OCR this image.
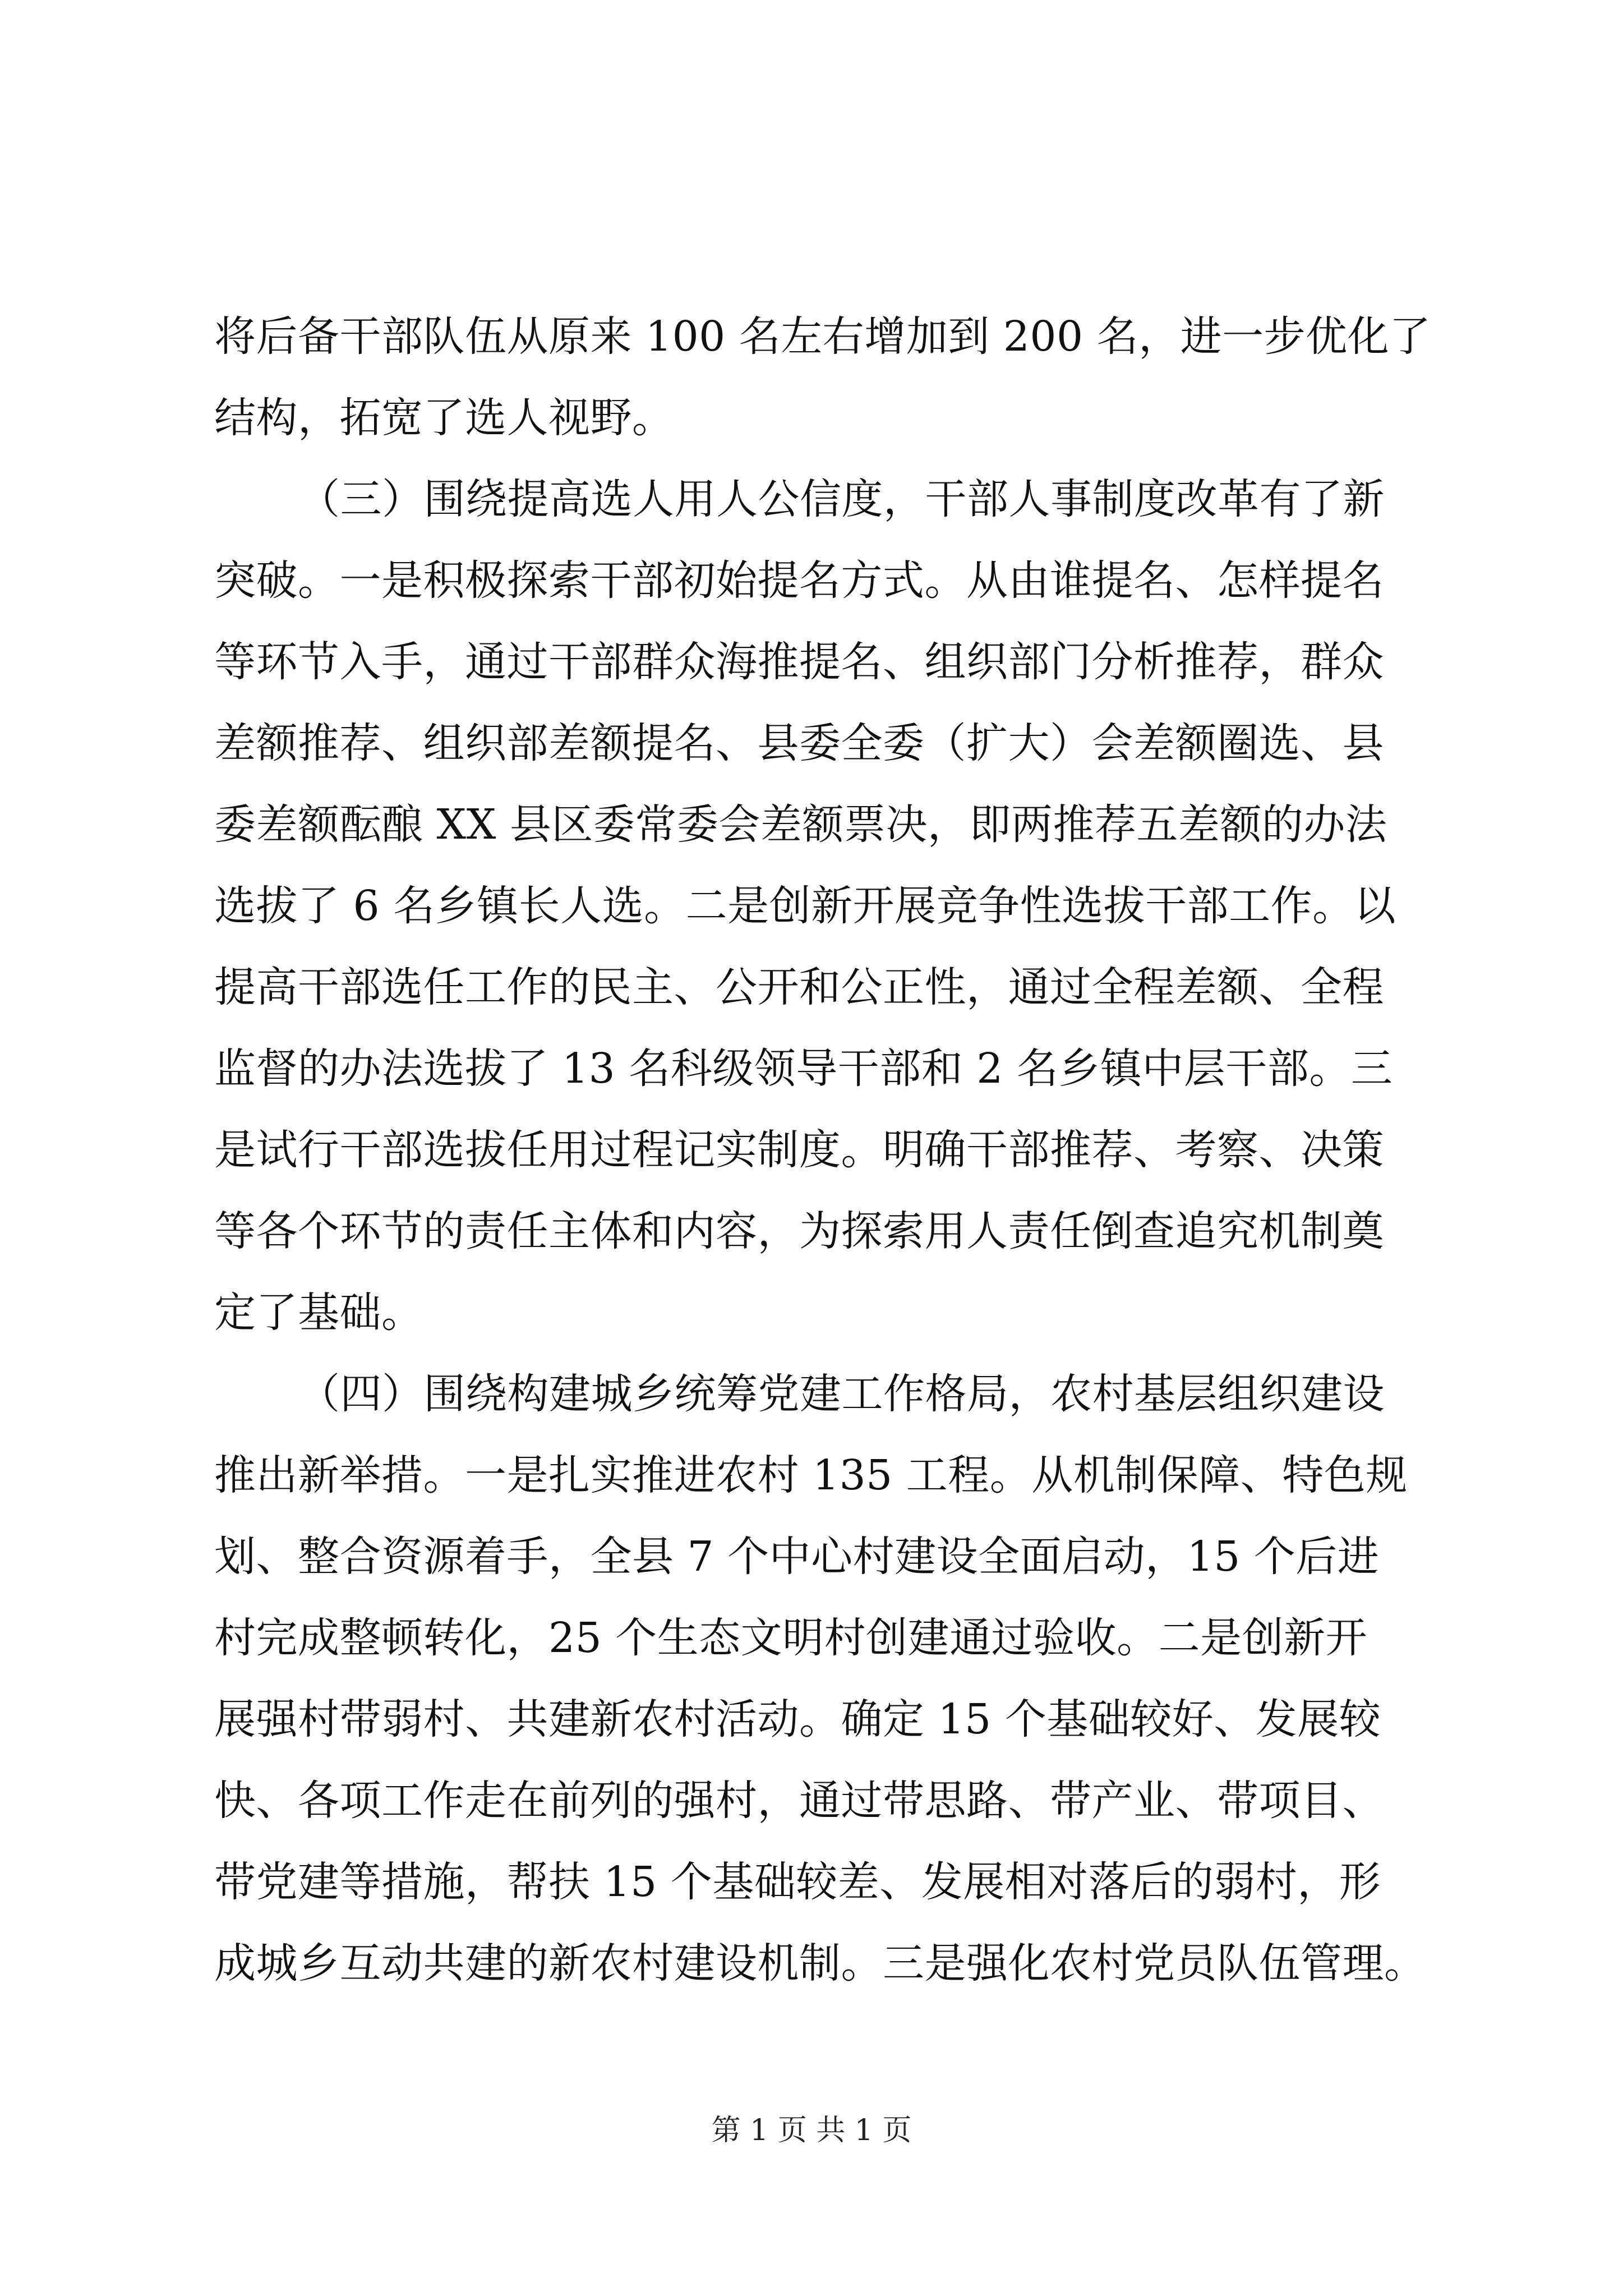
将后备干部队伍从原来 100 名左右增加到 200 名，进一步优化了
结构，拓宽了选人视野。
（三）围绕提高选人用人公信度，干部人事制度改革有了新
突破。一是积极探索干部初始提名方式。从由谁提名、怎样提名
等环节入手，通过干部群众海推提名、组织部门分析推荐，群众
差额推荐、组织部差额提名、县委全委（扩大）会差额圈选、县
委差额酝酿 XX 县区委常委会差额票决，即两推荐五差额的办法
选拔了 6 名乡镇长人选。二是创新开展竞争性选拔干部工作。以
提高干部选任工作的民主、公开和公正性，通过全程差额、全程
监督的办法选拔了 13 名科级领导干部和 2 名乡镇中层干部。三
是试行干部选拔任用过程记实制度。明确干部推荐、考察、决策
等各个环节的责任主体和内容，为探索用人责任倒查追究机制奠
定了基础。
（四）围绕构建城乡统筹党建工作格局，农村基层组织建设
推出新举措。一是扎实推进农村 135 工程。从机制保障、特色规
划、整合资源着手，全县 7 个中心村建设全面启动，15 个后进
村完成整顿转化，25 个生态文明村创建通过验收。二是创新开
展强村带弱村、共建新农村活动。确定 15 个基础较好、发展较
快、各项工作走在前列的强村，通过带思路、带产业、带项目、
带党建等措施，帮扶 15 个基础较差、发展相对落后的弱村，形
成城乡互动共建的新农村建设机制。三是强化农村党员队伍管理。
第 1 页 共 1 页
